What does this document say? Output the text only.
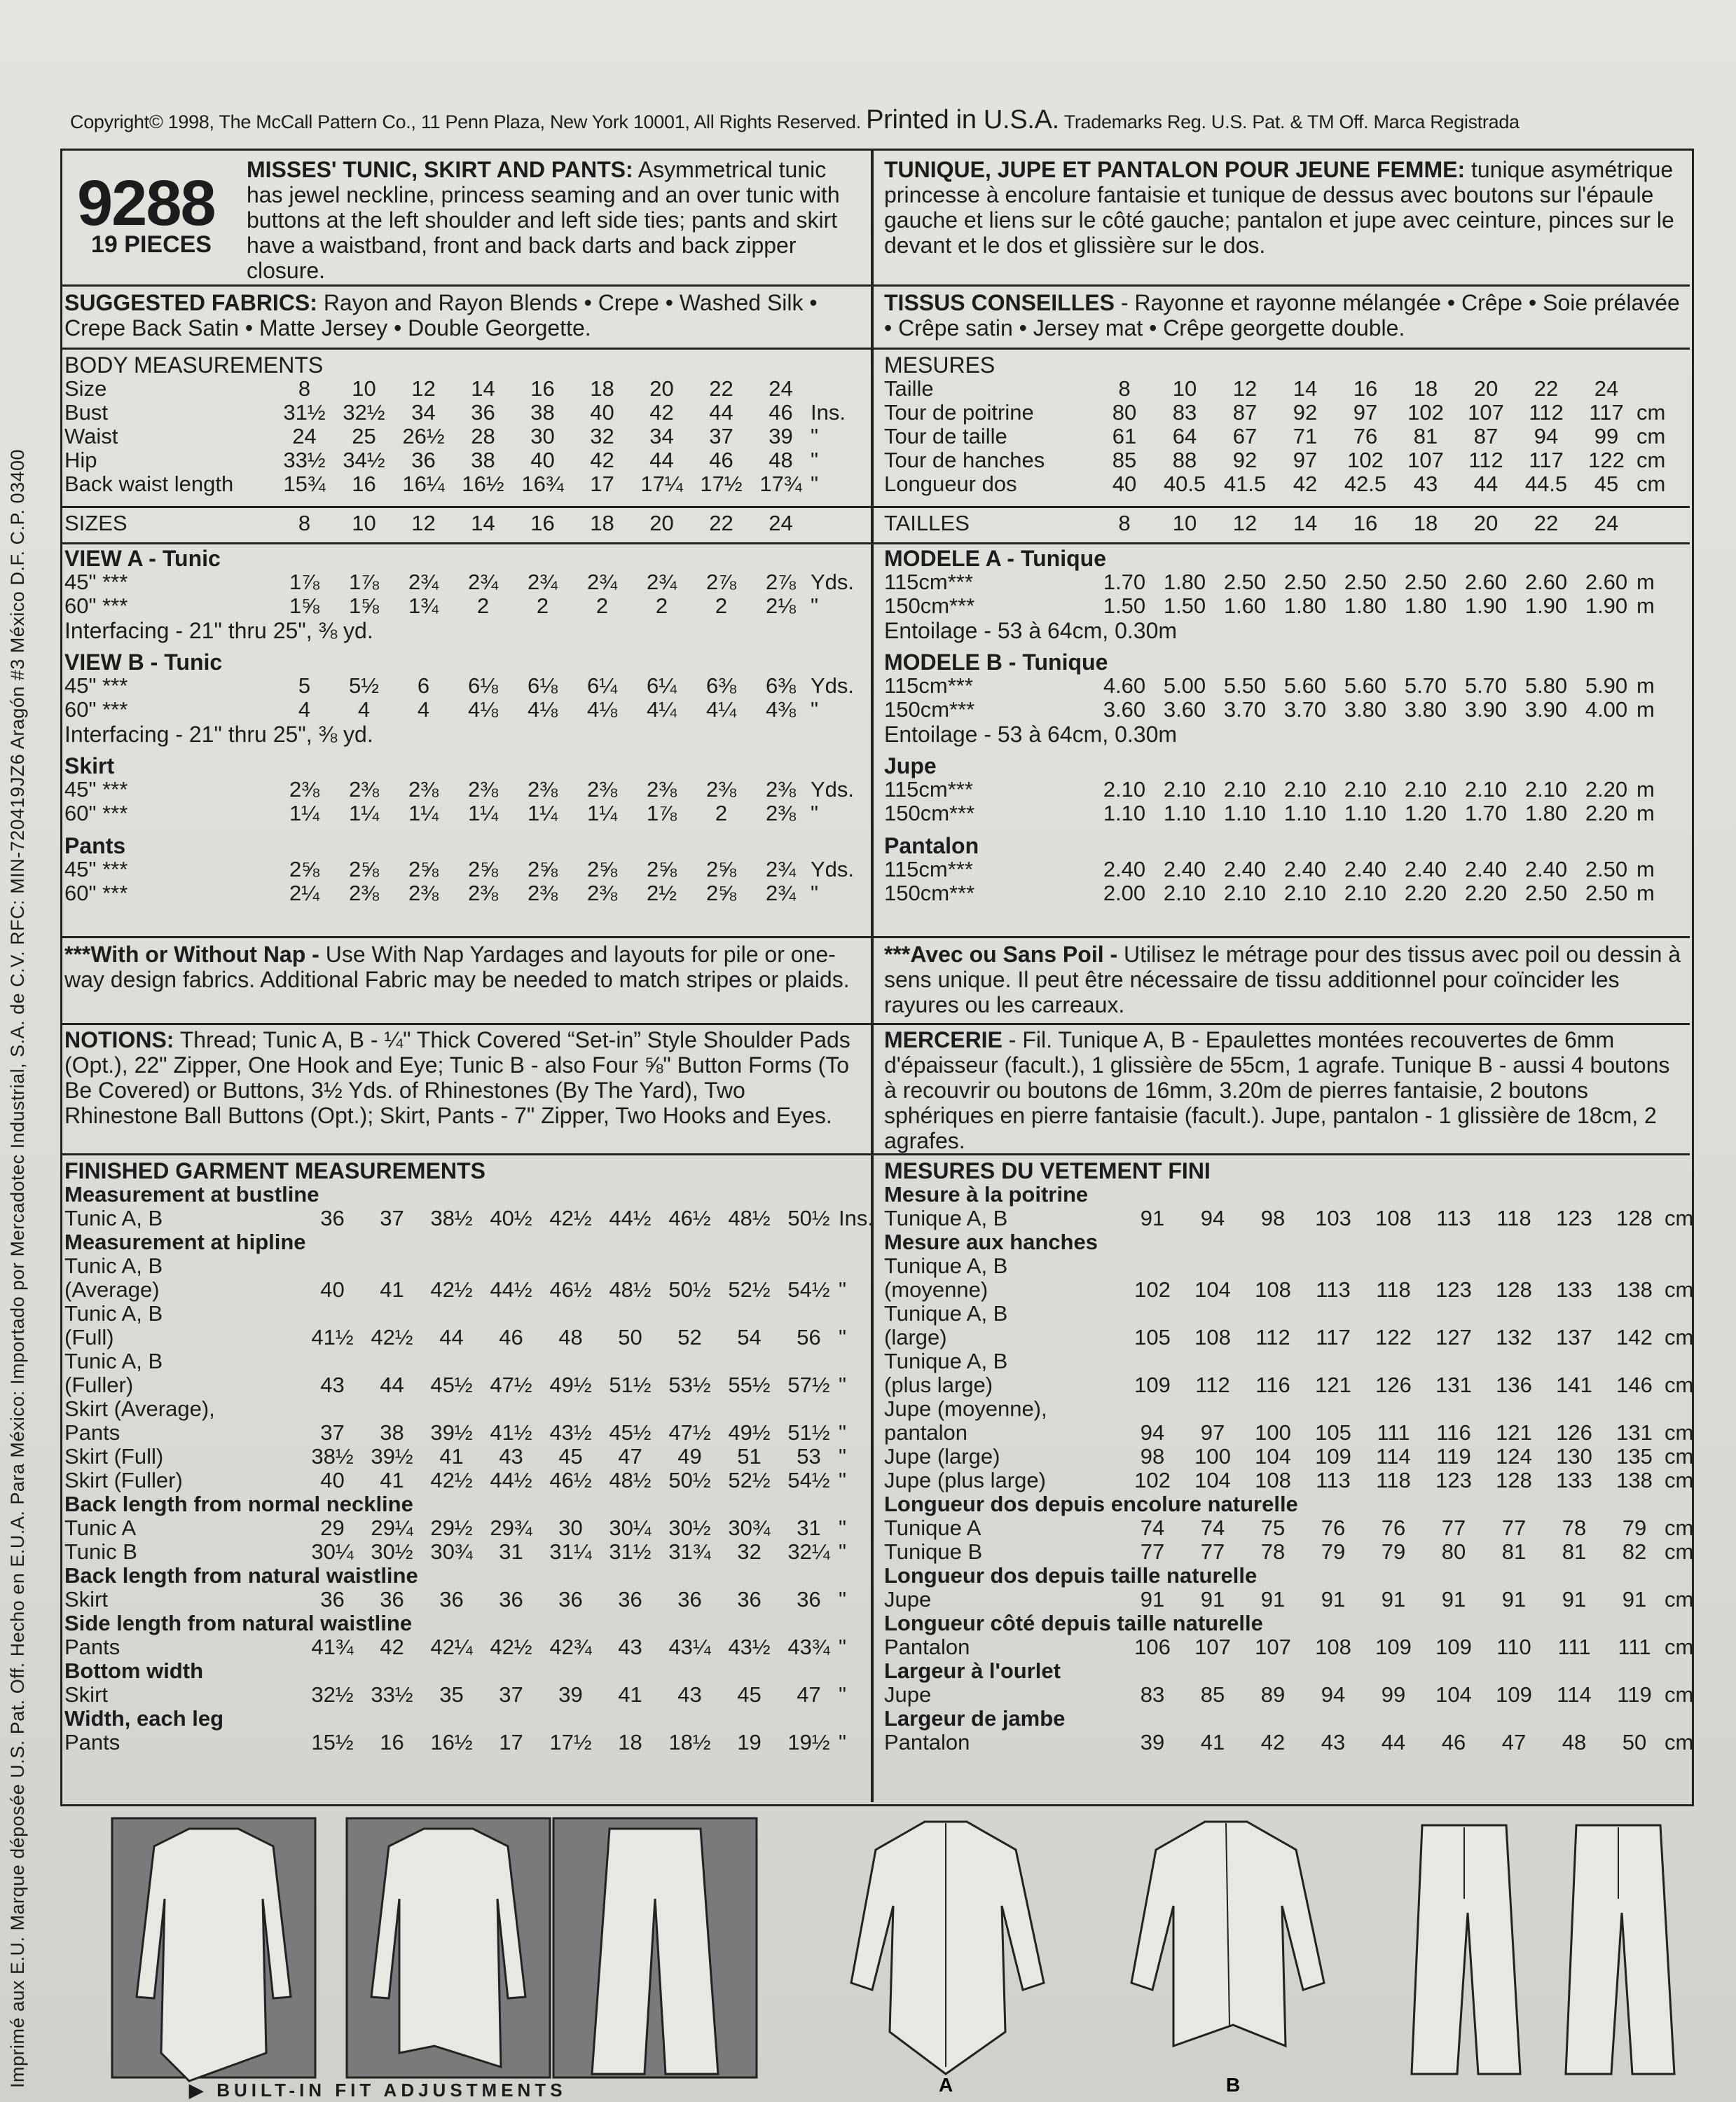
Copyright© 1998, The McCall Pattern Co., 11 Penn Plaza, New York 10001, All Rights Reserved. Printed in U.S.A. Trademarks Reg. U.S. Pat. & TM Off. Marca Registrada
Imprimé aux E.U. Marque déposée U.S. Pat. Off. Hecho en E.U.A. Para México: Importado por Mercadotec Industrial, S.A. de C.V. RFC: MIN-720419JZ6 Aragón #3 México D.F. C.P. 03400
9288
19 PIECES
MISSES' TUNIC, SKIRT AND PANTS: Asymmetrical tunic has jewel neckline, princess seaming and an over tunic with buttons at the left shoulder and left side ties; pants and skirt have a waistband, front and back darts and back zipper closure.
TUNIQUE, JUPE ET PANTALON POUR JEUNE FEMME: tunique asymétrique princesse à encolure fantaisie et tunique de dessus avec boutons sur l'épaule gauche et liens sur le côté gauche; pantalon et jupe avec ceinture, pinces sur le devant et le dos et glissière sur le dos.
SUGGESTED FABRICS: Rayon and Rayon Blends • Crepe • Washed Silk • Crepe Back Satin • Matte Jersey • Double Georgette.
TISSUS CONSEILLES - Rayonne et rayonne mélangée • Crêpe • Soie prélavée • Crêpe satin • Jersey mat • Crêpe georgette double.
BODY MEASUREMENTS
Size	8	10	12	14	16	18	20	22	24
Bust	31½ 32½	34	36	38	40	42	44	46 Ins.
Waist	24	25	26½	28	30	32	34	37	39 "
Hip	33½ 34½	36	38	40	42	44	46	48 "
Back waist length	15¾	16	16¼ 16½ 16¾	17	17¼ 17½ 17¾ "
MESURES
Taille	8	10	12	14	16	18	20	22	24
Tour de poitrine	80	83	87	92	97	102	107	112	117 cm
Tour de taille	61	64	67	71	76	81	87	94	99 cm
Tour de hanches	85	88	92	97	102	107	112	117	122 cm
Longueur dos	40	40.5 41.5	42	42.5	43	44	44.5	45 cm
SIZES	8	10	12	14	16	18	20	22	24	TAILLES	8	10	12	14	16	18	20	22	24
VIEW A - Tunic
45" ***	1⅞	1⅞	2¾	2¾	2¾	2¾	2¾	2⅞	2⅞ Yds.
60" ***	1⅝	1⅝	1¾	2	2	2	2	2	2⅛ "
Interfacing - 21" thru 25", ⅜ yd.
VIEW B - Tunic
45" ***	5	5½	6	6⅛	6⅛	6¼	6¼	6⅜	6⅜ Yds.
60" ***	4	4	4	4⅛	4⅛	4⅛	4¼	4¼	4⅜ "
Interfacing - 21" thru 25", ⅜ yd.
Skirt
45" ***	2⅜	2⅜	2⅜	2⅜	2⅜	2⅜	2⅜	2⅜	2⅜ Yds.
60" ***	1¼	1¼	1¼	1¼	1¼	1¼	1⅞	2	2⅜ "
Pants
45" ***	2⅝	2⅝	2⅝	2⅝	2⅝	2⅝	2⅝	2⅝	2¾ Yds.
60" ***	2¼	2⅜	2⅜	2⅜	2⅜	2⅜	2½	2⅝	2¾ "
MODELE A - Tunique
115cm***	1.70 1.80 2.50 2.50 2.50 2.50 2.60 2.60 2.60 m
150cm***	1.50 1.50 1.60 1.80 1.80 1.80 1.90 1.90 1.90 m
Entoilage - 53 à 64cm, 0.30m
MODELE B - Tunique
115cm***	4.60 5.00 5.50 5.60 5.60 5.70 5.70 5.80 5.90 m
150cm***	3.60 3.60 3.70 3.70 3.80 3.80 3.90 3.90 4.00 m
Entoilage - 53 à 64cm, 0.30m
Jupe
115cm***	2.10 2.10 2.10 2.10 2.10 2.10 2.10 2.10 2.20 m
150cm***	1.10 1.10 1.10 1.10 1.10 1.20 1.70 1.80 2.20 m
Pantalon
115cm***	2.40 2.40 2.40 2.40 2.40 2.40 2.40 2.40 2.50 m
150cm***	2.00 2.10 2.10 2.10 2.10 2.20 2.20 2.50 2.50 m
***With or Without Nap - Use With Nap Yardages and layouts for pile or one-way design fabrics. Additional Fabric may be needed to match stripes or plaids.
***Avec ou Sans Poil - Utilisez le métrage pour des tissus avec poil ou dessin à sens unique. Il peut être nécessaire de tissu additionnel pour coïncider les rayures ou les carreaux.
NOTIONS: Thread; Tunic A, B - ¼" Thick Covered “Set-in” Style Shoulder Pads (Opt.), 22" Zipper, One Hook and Eye; Tunic B - also Four ⅝" Button Forms (To Be Covered) or Buttons, 3½ Yds. of Rhinestones (By The Yard), Two Rhinestone Ball Buttons (Opt.); Skirt, Pants - 7" Zipper, Two Hooks and Eyes.
MERCERIE - Fil. Tunique A, B - Epaulettes montées recouvertes de 6mm d'épaisseur (facult.), 1 glissière de 55cm, 1 agrafe. Tunique B - aussi 4 boutons à recouvrir ou boutons de 16mm, 3.20m de pierres fantaisie, 2 boutons sphériques en pierre fantaisie (facult.). Jupe, pantalon - 1 glissière de 18cm, 2 agrafes.
FINISHED GARMENT MEASUREMENTS
Measurement at bustline
Tunic A, B	36	37	38½ 40½ 42½ 44½ 46½ 48½ 50½ Ins.
Measurement at hipline
Tunic A, B
(Average)	40	41	42½ 44½ 46½ 48½ 50½ 52½ 54½ "
Tunic A, B
(Full)	41½ 42½	44	46	48	50	52	54	56 "
Tunic A, B
(Fuller)	43	44	45½ 47½ 49½ 51½ 53½ 55½ 57½ "
Skirt (Average),
Pants	37	38	39½ 41½ 43½ 45½ 47½ 49½ 51½ "
Skirt (Full)	38½ 39½	41	43	45	47	49	51	53 "
Skirt (Fuller)	40	41	42½ 44½ 46½ 48½ 50½ 52½ 54½ "
Back length from normal neckline
Tunic A	29	29¼ 29½ 29¾	30	30¼ 30½ 30¾	31 "
Tunic B	30¼ 30½ 30¾	31	31¼ 31½ 31¾	32	32¼ "
Back length from natural waistline
Skirt	36	36	36	36	36	36	36	36	36 "
Side length from natural waistline
Pants	41¾	42	42¼ 42½ 42¾	43	43¼ 43½ 43¾ "
Bottom width
Skirt	32½ 33½	35	37	39	41	43	45	47 "
Width, each leg
Pants	15½	16	16½	17	17½	18	18½	19	19½ "
MESURES DU VETEMENT FINI
Mesure à la poitrine
Tunique A, B	91	94	98	103	108	113	118	123	128 cm
Mesure aux hanches
Tunique A, B
(moyenne)	102	104	108	113	118	123	128	133	138 cm
Tunique A, B
(large)	105	108	112	117	122	127	132	137	142 cm
Tunique A, B
(plus large)	109	112	116	121	126	131	136	141	146 cm
Jupe (moyenne),
pantalon	94	97	100	105	111	116	121	126	131 cm
Jupe (large)	98	100	104	109	114	119	124	130	135 cm
Jupe (plus large)	102	104	108	113	118	123	128	133	138 cm
Longueur dos depuis encolure naturelle
Tunique A	74	74	75	76	76	77	77	78	79 cm
Tunique B	77	77	78	79	79	80	81	81	82 cm
Longueur dos depuis taille naturelle
Jupe	91	91	91	91	91	91	91	91	91 cm
Longueur côté depuis taille naturelle
Pantalon	106	107	107	108	109	109	110	111	111 cm
Largeur à l'ourlet
Jupe	83	85	89	94	99	104	109	114	119 cm
Largeur de jambe
Pantalon	39	41	42	43	44	46	47	48	50 cm
A	B
▶ BUILT-IN FIT ADJUSTMENTS
